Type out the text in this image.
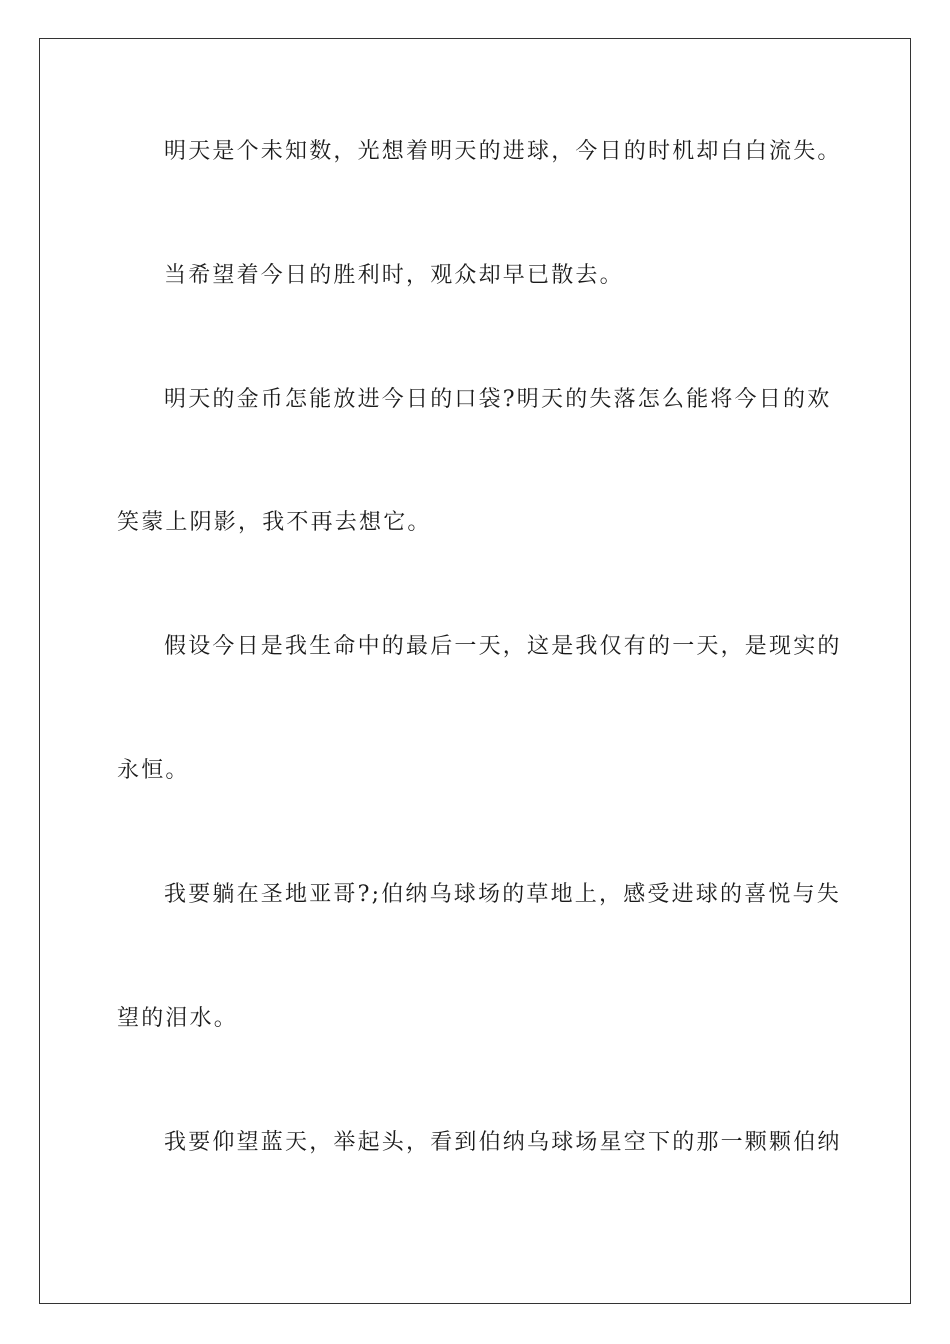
明天是个未知数，光想着明天的进球，今日的时机却白白流失。
当希望着今日的胜利时，观众却早已散去。
明天的金币怎能放进今日的口袋?明天的失落怎么能将今日的欢
笑蒙上阴影，我不再去想它。
假设今日是我生命中的最后一天，这是我仅有的一天，是现实的
永恒。
我要躺在圣地亚哥?;伯纳乌球场的草地上，感受进球的喜悦与失
望的泪水。
我要仰望蓝天，举起头，看到伯纳乌球场星空下的那一颗颗伯纳
